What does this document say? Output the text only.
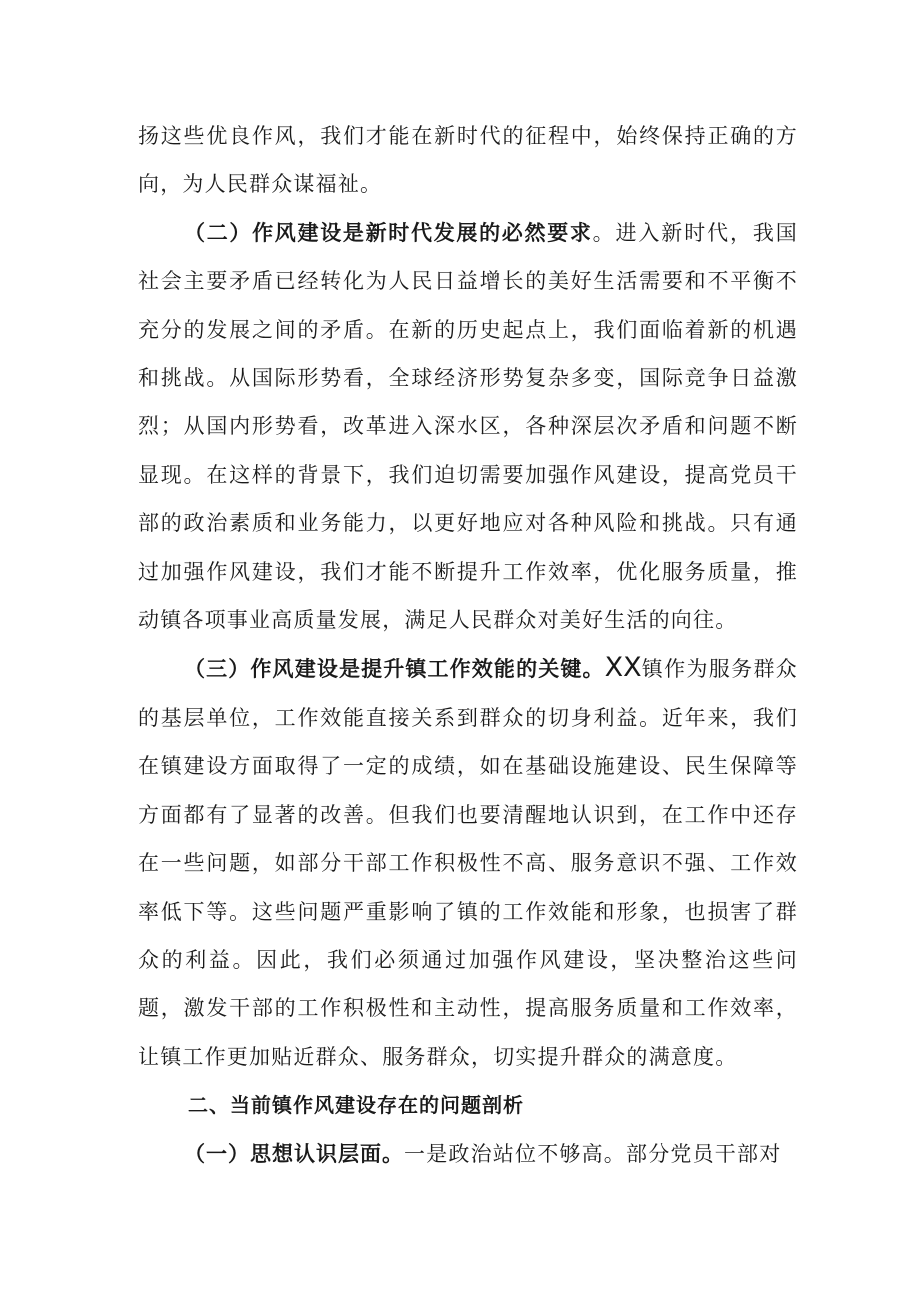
扬这些优良作风，我们才能在新时代的征程中，始终保持正确的方向，为人民群众谋福祉。

（二）作风建设是新时代发展的必然要求。进入新时代，我国社会主要矛盾已经转化为人民日益增长的美好生活需要和不平衡不充分的发展之间的矛盾。在新的历史起点上，我们面临着新的机遇和挑战。从国际形势看，全球经济形势复杂多变，国际竞争日益激烈；从国内形势看，改革进入深水区，各种深层次矛盾和问题不断显现。在这样的背景下，我们迫切需要加强作风建设，提高党员干部的政治素质和业务能力，以更好地应对各种风险和挑战。只有通过加强作风建设，我们才能不断提升工作效率，优化服务质量，推动镇各项事业高质量发展，满足人民群众对美好生活的向往。

（三）作风建设是提升镇工作效能的关键。XX镇作为服务群众的基层单位，工作效能直接关系到群众的切身利益。近年来，我们在镇建设方面取得了一定的成绩，如在基础设施建设、民生保障等方面都有了显著的改善。但我们也要清醒地认识到，在工作中还存在一些问题，如部分干部工作积极性不高、服务意识不强、工作效率低下等。这些问题严重影响了镇的工作效能和形象，也损害了群众的利益。因此，我们必须通过加强作风建设，坚决整治这些问题，激发干部的工作积极性和主动性，提高服务质量和工作效率，让镇工作更加贴近群众、服务群众，切实提升群众的满意度。

二、当前镇作风建设存在的问题剖析

（一）思想认识层面。一是政治站位不够高。部分党员干部对
